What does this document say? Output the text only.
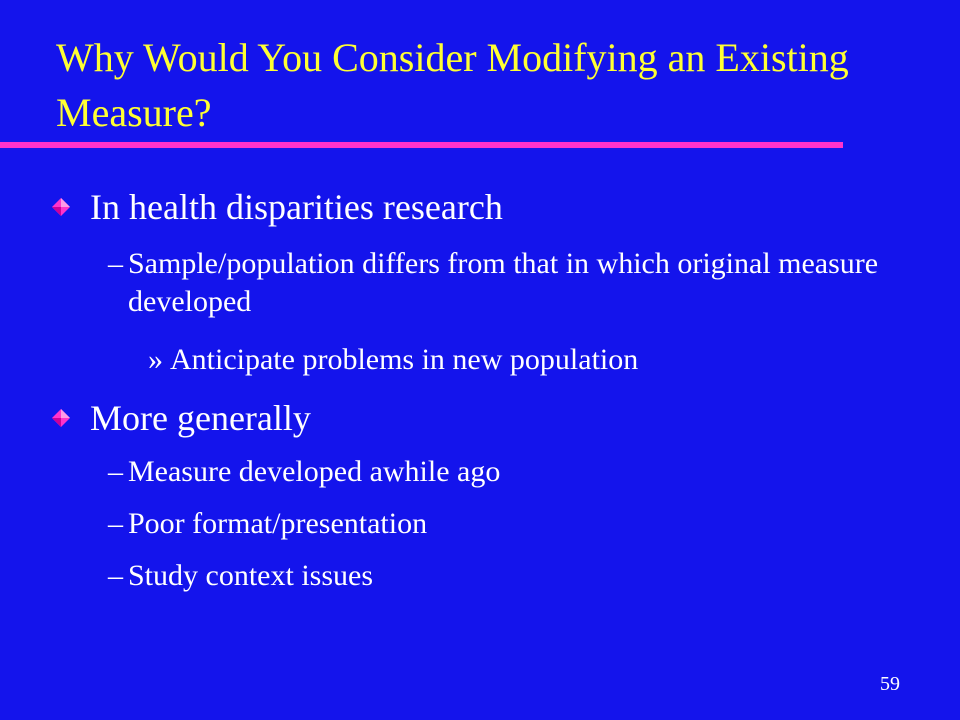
Why Would You Consider Modifying an Existing Measure?
In health disparities research
– Sample/population differs from that in which original measure developed
» Anticipate problems in new population
More generally
– Measure developed awhile ago
– Poor format/presentation
– Study context issues
59
